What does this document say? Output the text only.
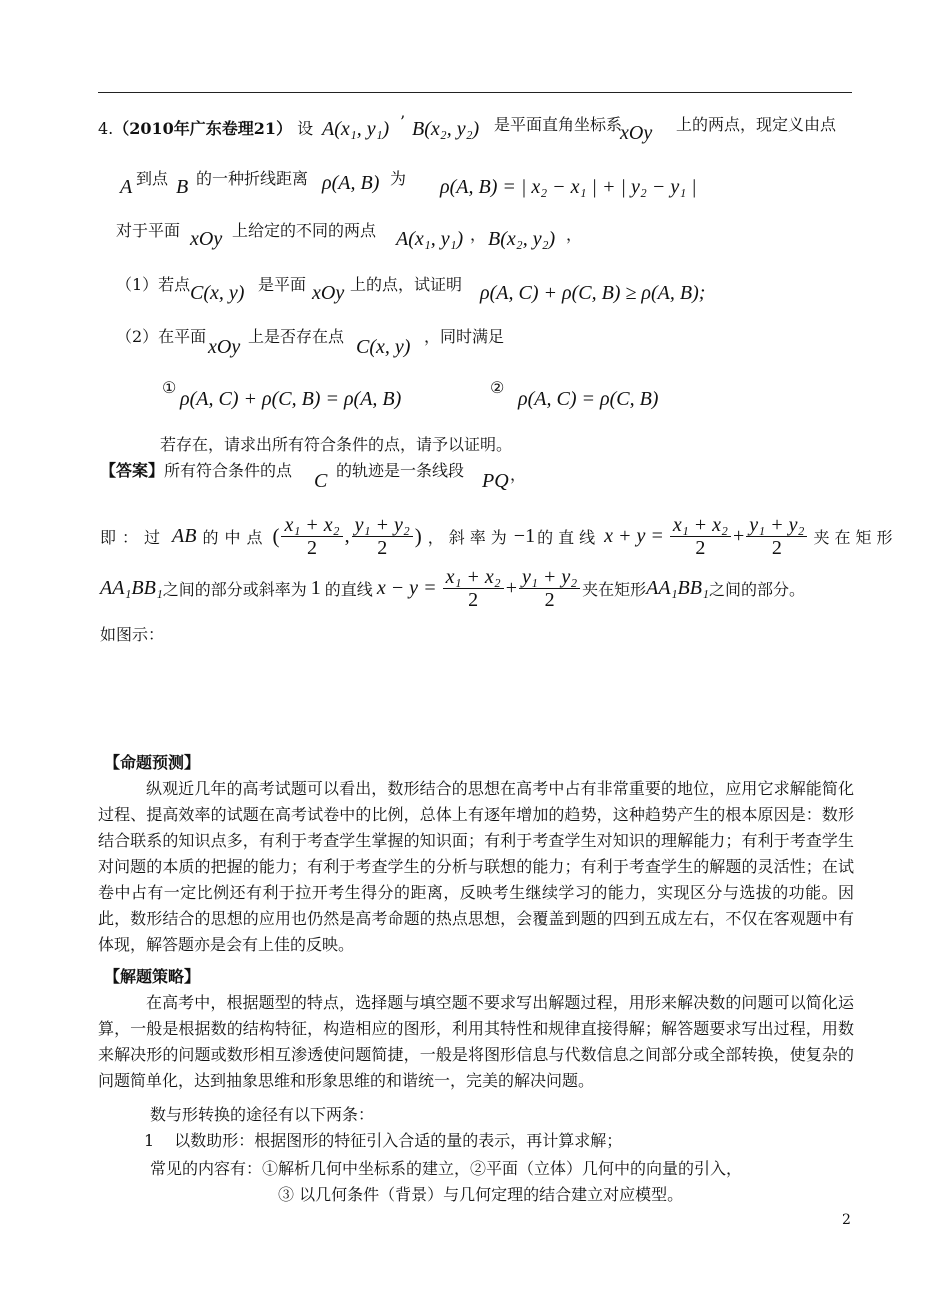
4.（2010年广东卷理21） 设 A(x₁, y₁) ’ B(x₂, y₂) 是平面直角坐标系
xOy 上的两点，现定义由点
A 到点 B 的一种折线距离 ρ(A, B) 为 ρ(A, B) = | x₂ − x₁ | + | y₂ − y₁ |
对于平面 xOy 上给定的不同的两点 A(x₁, y₁) ， B(x₂, y₂) ，
（1）若点 C(x, y) 是平面 xOy 上的点，试证明 ρ(A, C) + ρ(C, B) ≥ ρ(A, B);
（2）在平面 xOy 上是否存在点 C(x, y) ，同时满足
①
ρ(A, C) + ρ(C, B) = ρ(A, B)
②
ρ(A, C) = ρ(C, B)
若存在，请求出所有符合条件的点，请予以证明。
【答案】所有符合条件的点 C 的轨迹是一条线段 PQ ，
即：过 AB 的中点 ( $\frac{\text{x₁ + x₂}}{2}$ , $\frac{\text{y₁ + y₂}}{2}$ ) ，斜率为 −1 的直线 $x + y = \frac{\text{x₁ + x₂}}{2} + \frac{\text{y₁ + y₂}}{2}$ 夹在矩形
AA₁BB₁ 之间的部分或斜率为 1 的直线 $x - y = \frac{\text{x₁ + x₂}}{2} + \frac{\text{y₁ + y₂}}{2}$ 夹在矩形 AA₁BB₁ 之间的部分。
如图示：
【命题预测】
纵观近几年的高考试题可以看出，数形结合的思想在高考中占有非常重要的地位，应用它求解能简化过程、提高效率的试题在高考试卷中的比例，总体上有逐年增加的趋势，这种趋势产生的根本原因是：数形结合联系的知识点多，有利于考查学生掌握的知识面；有利于考查学生对知识的理解能力；有利于考查学生对问题的本质的把握的能力；有利于考查学生的分析与联想的能力；有利于考查学生的解题的灵活性；在试卷中占有一定比例还有利于拉开考生得分的距离，反映考生继续学习的能力，实现区分与选拔的功能。因此，数形结合的思想的应用也仍然是高考命题的热点思想，会覆盖到题的四到五成左右，不仅在客观题中有体现，解答题亦是会有上佳的反映。
【解题策略】
在高考中，根据题型的特点，选择题与填空题不要求写出解题过程，用形来解决数的问题可以简化运算，一般是根据数的结构特征，构造相应的图形，利用其特性和规律直接得解；解答题要求写出过程，用数来解决形的问题或数形相互渗透使问题简捷，一般是将图形信息与代数信息之间部分或全部转换，使复杂的问题简单化，达到抽象思维和形象思维的和谐统一，完美的解决问题。
数与形转换的途径有以下两条：
1 以数助形：根据图形的特征引入合适的量的表示，再计算求解；
常见的内容有：①解析几何中坐标系的建立，②平面（立体）几何中的向量的引入，
③ 以几何条件（背景）与几何定理的结合建立对应模型。
2
